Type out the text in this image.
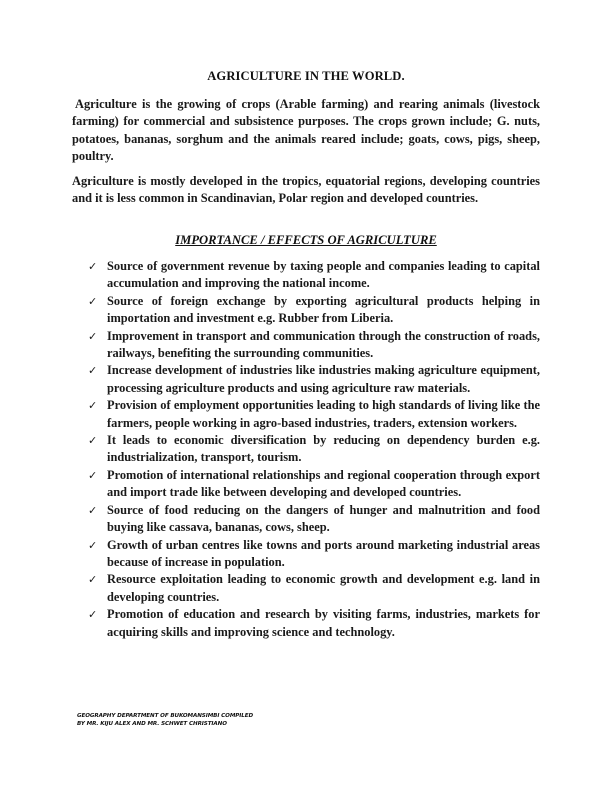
AGRICULTURE IN THE WORLD.
Agriculture is the growing of crops (Arable farming) and rearing animals (livestock farming) for commercial and subsistence purposes. The crops grown include; G. nuts, potatoes, bananas, sorghum and the animals reared include; goats, cows, pigs, sheep, poultry.
Agriculture is mostly developed in the tropics, equatorial regions, developing countries and it is less common in Scandinavian, Polar region and developed countries.
IMPORTANCE / EFFECTS OF AGRICULTURE
✓ Source of government revenue by taxing people and companies leading to capital accumulation and improving the national income.
✓ Source of foreign exchange by exporting agricultural products helping in importation and investment e.g. Rubber from Liberia.
✓ Improvement in transport and communication through the construction of roads, railways, benefiting the surrounding communities.
✓ Increase development of industries like industries making agriculture equipment, processing agriculture products and using agriculture raw materials.
✓ Provision of employment opportunities leading to high standards of living like the farmers, people working in agro-based industries, traders, extension workers.
✓ It leads to economic diversification by reducing on dependency burden e.g. industrialization, transport, tourism.
✓ Promotion of international relationships and regional cooperation through export and import trade like between developing and developed countries.
✓ Source of food reducing on the dangers of hunger and malnutrition and food buying like cassava, bananas, cows, sheep.
✓ Growth of urban centres like towns and ports around marketing industrial areas because of increase in population.
✓ Resource exploitation leading to economic growth and development e.g. land in developing countries.
✓ Promotion of education and research by visiting farms, industries, markets for acquiring skills and improving science and technology.
GEOGRAPHY DEPARTMENT OF BUKOMANSIMBI COMPILED
BY MR. KIJU ALEX AND MR. SCHWET CHRISTIANO
